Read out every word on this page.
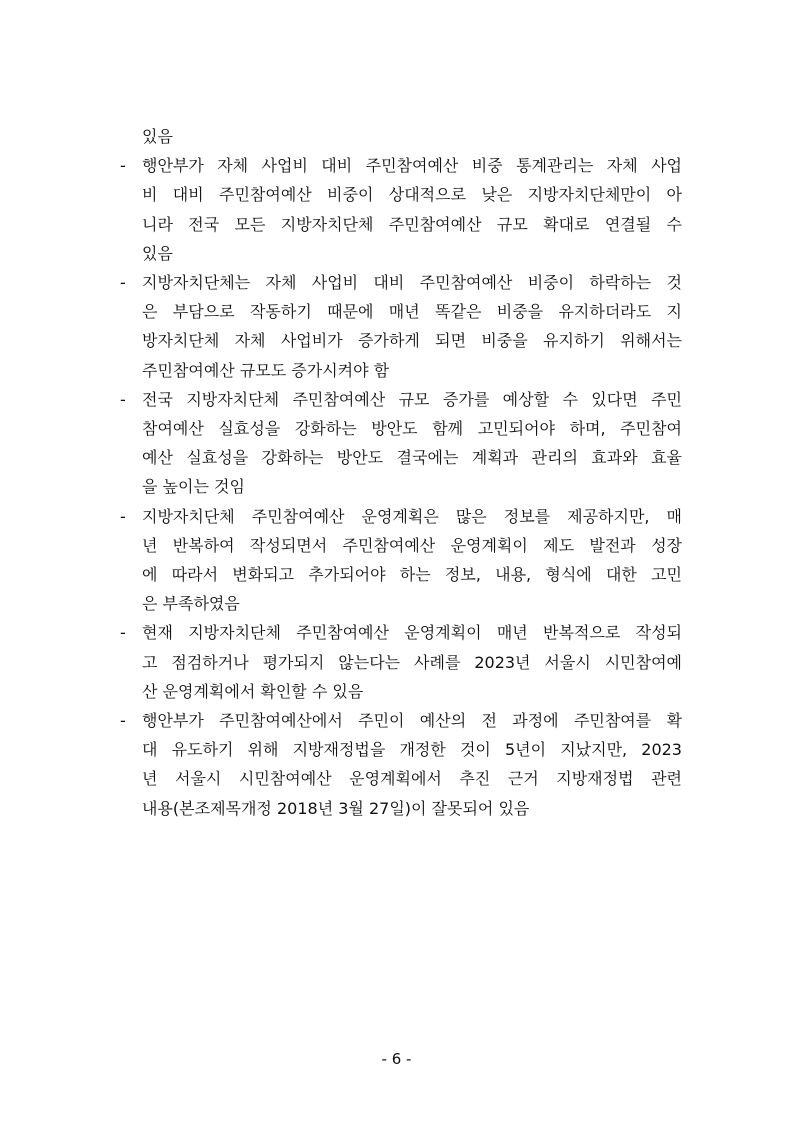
있음

-	행안부가 자체 사업비 대비 주민참여예산 비중 통계관리는 자체 사업
비 대비 주민참여예산 비중이 상대적으로 낮은 지방자치단체만이 아
니라 전국 모든 지방자치단체 주민참여예산 규모 확대로 연결될 수
있음
-	지방자치단체는 자체 사업비 대비 주민참여예산 비중이 하락하는 것
은 부담으로 작동하기 때문에 매년 똑같은 비중을 유지하더라도 지
방자치단체 자체 사업비가 증가하게 되면 비중을 유지하기 위해서는
주민참여예산 규모도 증가시켜야 함
-	전국 지방자치단체 주민참여예산 규모 증가를 예상할 수 있다면 주민
참여예산 실효성을 강화하는 방안도 함께 고민되어야 하며, 주민참여
예산 실효성을 강화하는 방안도 결국에는 계획과 관리의 효과와 효율
을 높이는 것임
-	지방자치단체 주민참여예산 운영계획은 많은 정보를 제공하지만, 매
년 반복하여 작성되면서 주민참여예산 운영계획이 제도 발전과 성장
에 따라서 변화되고 추가되어야 하는 정보, 내용, 형식에 대한 고민
은 부족하였음
-	현재 지방자치단체 주민참여예산 운영계획이 매년 반복적으로 작성되
고 점검하거나 평가되지 않는다는 사례를 2023년 서울시 시민참여예
산 운영계획에서 확인할 수 있음
-	행안부가 주민참여예산에서 주민이 예산의 전 과정에 주민참여를 확
대 유도하기 위해 지방재정법을 개정한 것이 5년이 지났지만, 2023
년 서울시 시민참여예산 운영계획에서 추진 근거 지방재정법 관련
내용(본조제목개정 2018년 3월 27일)이 잘못되어 있음
- 6 -
